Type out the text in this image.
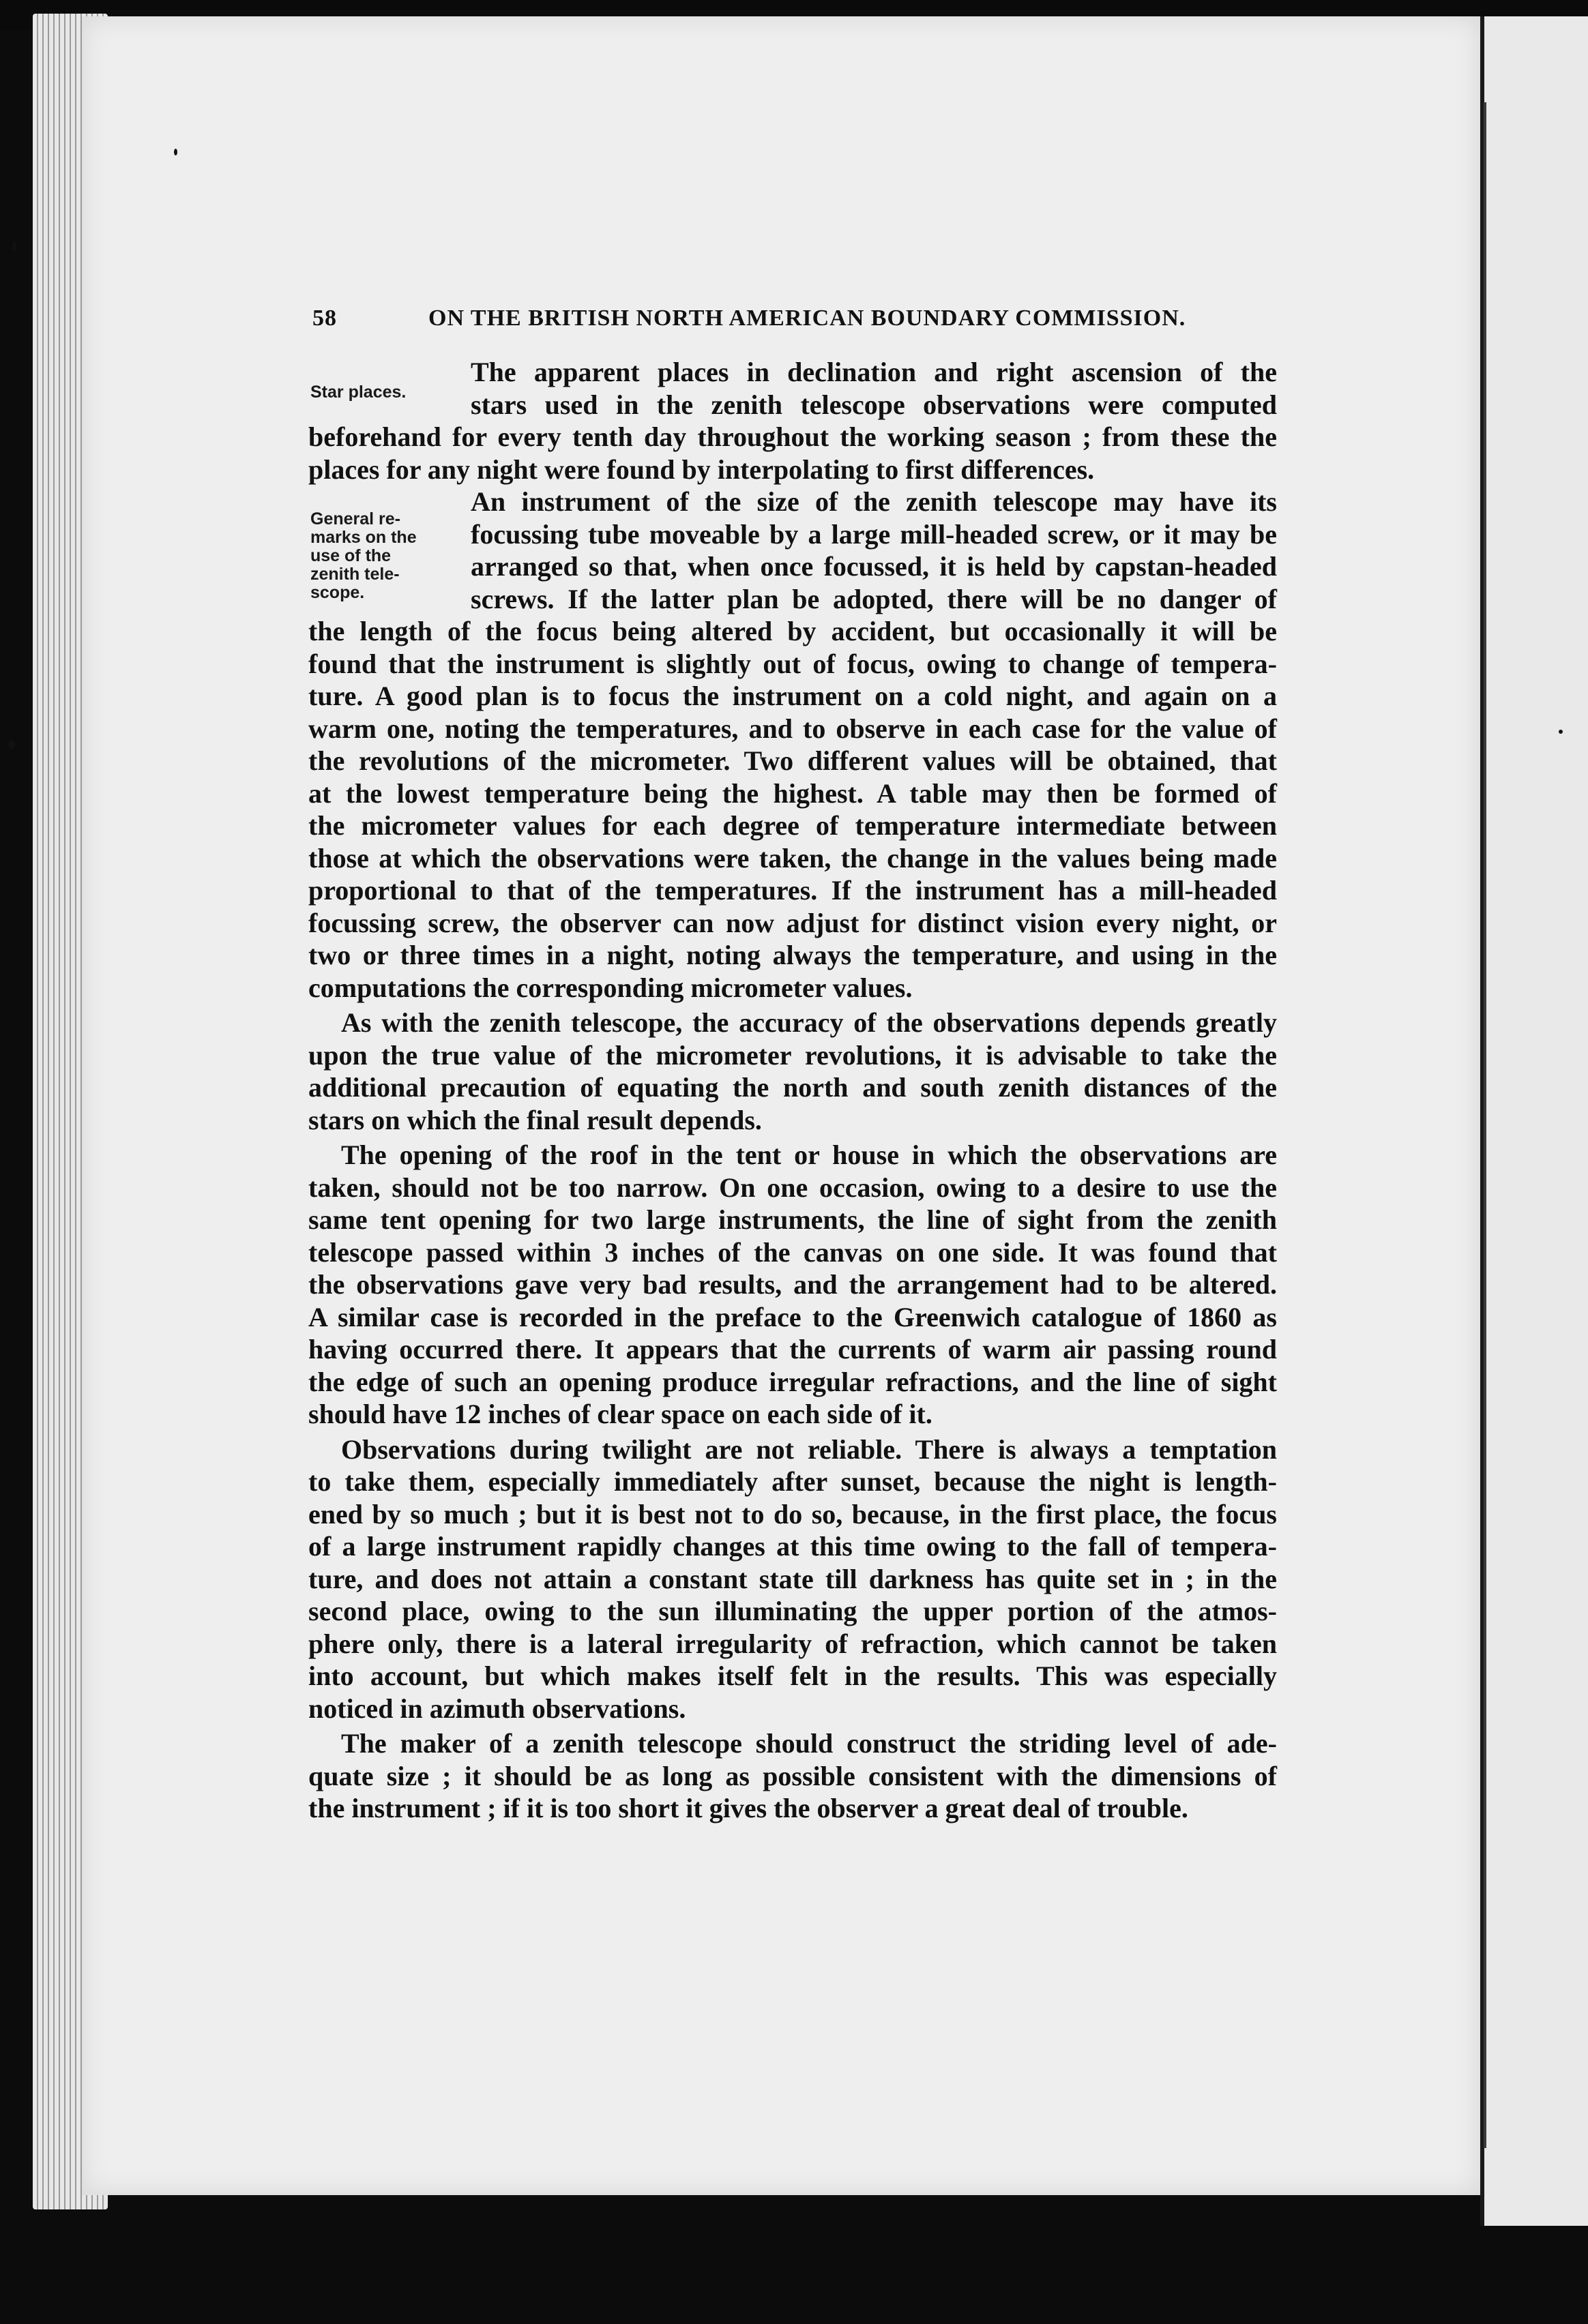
58	ON THE BRITISH NORTH AMERICAN BOUNDARY COMMISSION.
Star places.
General re-
marks on the
use of the
zenith tele-
scope.
The apparent places in declination and right ascension of the
stars used in the zenith telescope observations were computed
beforehand for every tenth day throughout the working season ; from these the
places for any night were found by interpolating to first differences.
An instrument of the size of the zenith telescope may have its
focussing tube moveable by a large mill-headed screw, or it may be
arranged so that, when once focussed, it is held by capstan-headed
screws. If the latter plan be adopted, there will be no danger of
the length of the focus being altered by accident, but occasionally it will be
found that the instrument is slightly out of focus, owing to change of tempera-
ture. A good plan is to focus the instrument on a cold night, and again on a
warm one, noting the temperatures, and to observe in each case for the value of
the revolutions of the micrometer. Two different values will be obtained, that
at the lowest temperature being the highest. A table may then be formed of
the micrometer values for each degree of temperature intermediate between
those at which the observations were taken, the change in the values being made
proportional to that of the temperatures. If the instrument has a mill-headed
focussing screw, the observer can now adjust for distinct vision every night, or
two or three times in a night, noting always the temperature, and using in the
computations the corresponding micrometer values.
As with the zenith telescope, the accuracy of the observations depends greatly
upon the true value of the micrometer revolutions, it is advisable to take the
additional precaution of equating the north and south zenith distances of the
stars on which the final result depends.
The opening of the roof in the tent or house in which the observations are
taken, should not be too narrow. On one occasion, owing to a desire to use the
same tent opening for two large instruments, the line of sight from the zenith
telescope passed within 3 inches of the canvas on one side. It was found that
the observations gave very bad results, and the arrangement had to be altered.
A similar case is recorded in the preface to the Greenwich catalogue of 1860 as
having occurred there. It appears that the currents of warm air passing round
the edge of such an opening produce irregular refractions, and the line of sight
should have 12 inches of clear space on each side of it.
Observations during twilight are not reliable. There is always a temptation
to take them, especially immediately after sunset, because the night is length-
ened by so much ; but it is best not to do so, because, in the first place, the focus
of a large instrument rapidly changes at this time owing to the fall of tempera-
ture, and does not attain a constant state till darkness has quite set in ; in the
second place, owing to the sun illuminating the upper portion of the atmos-
phere only, there is a lateral irregularity of refraction, which cannot be taken
into account, but which makes itself felt in the results. This was especially
noticed in azimuth observations.
The maker of a zenith telescope should construct the striding level of ade-
quate size ; it should be as long as possible consistent with the dimensions of
the instrument ; if it is too short it gives the observer a great deal of trouble.
